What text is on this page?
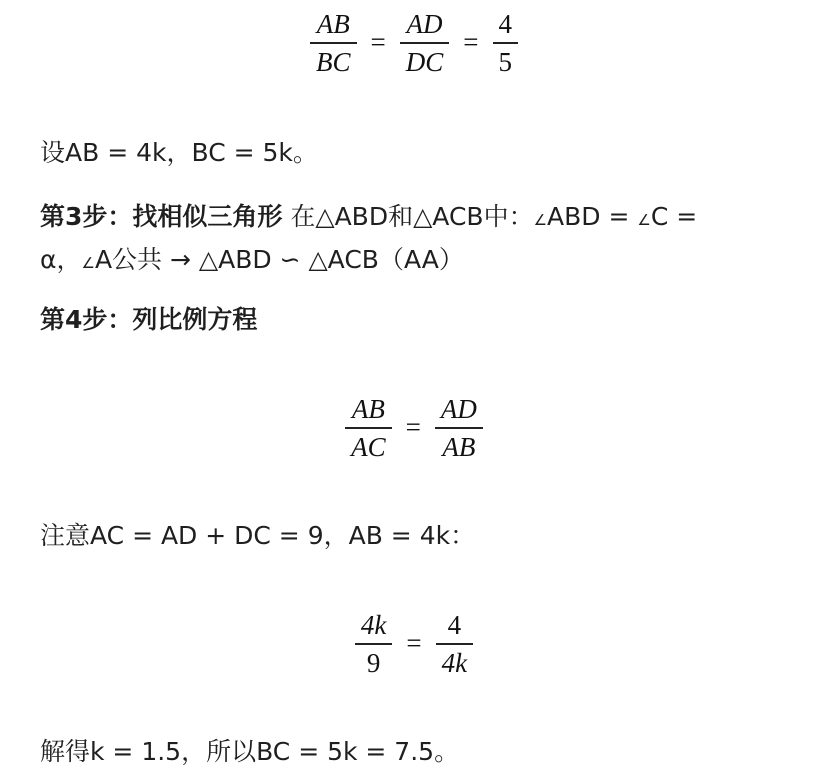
$\frac{AB}{BC} = \frac{AD}{DC} = \frac{4}{5}$
设AB = 4k，BC = 5k。
第3步：找相似三角形 在△ABD和△ACB中：∠ABD = ∠C =
α，∠A公共 → △ABD ∽ △ACB（AA）
第4步：列比例方程
$\frac{AB}{AC} = \frac{AD}{AB}$
注意AC = AD + DC = 9，AB = 4k：
$\frac{4k}{9} = \frac{4}{4k}$
解得k = 1.5，所以BC = 5k = 7.5。
